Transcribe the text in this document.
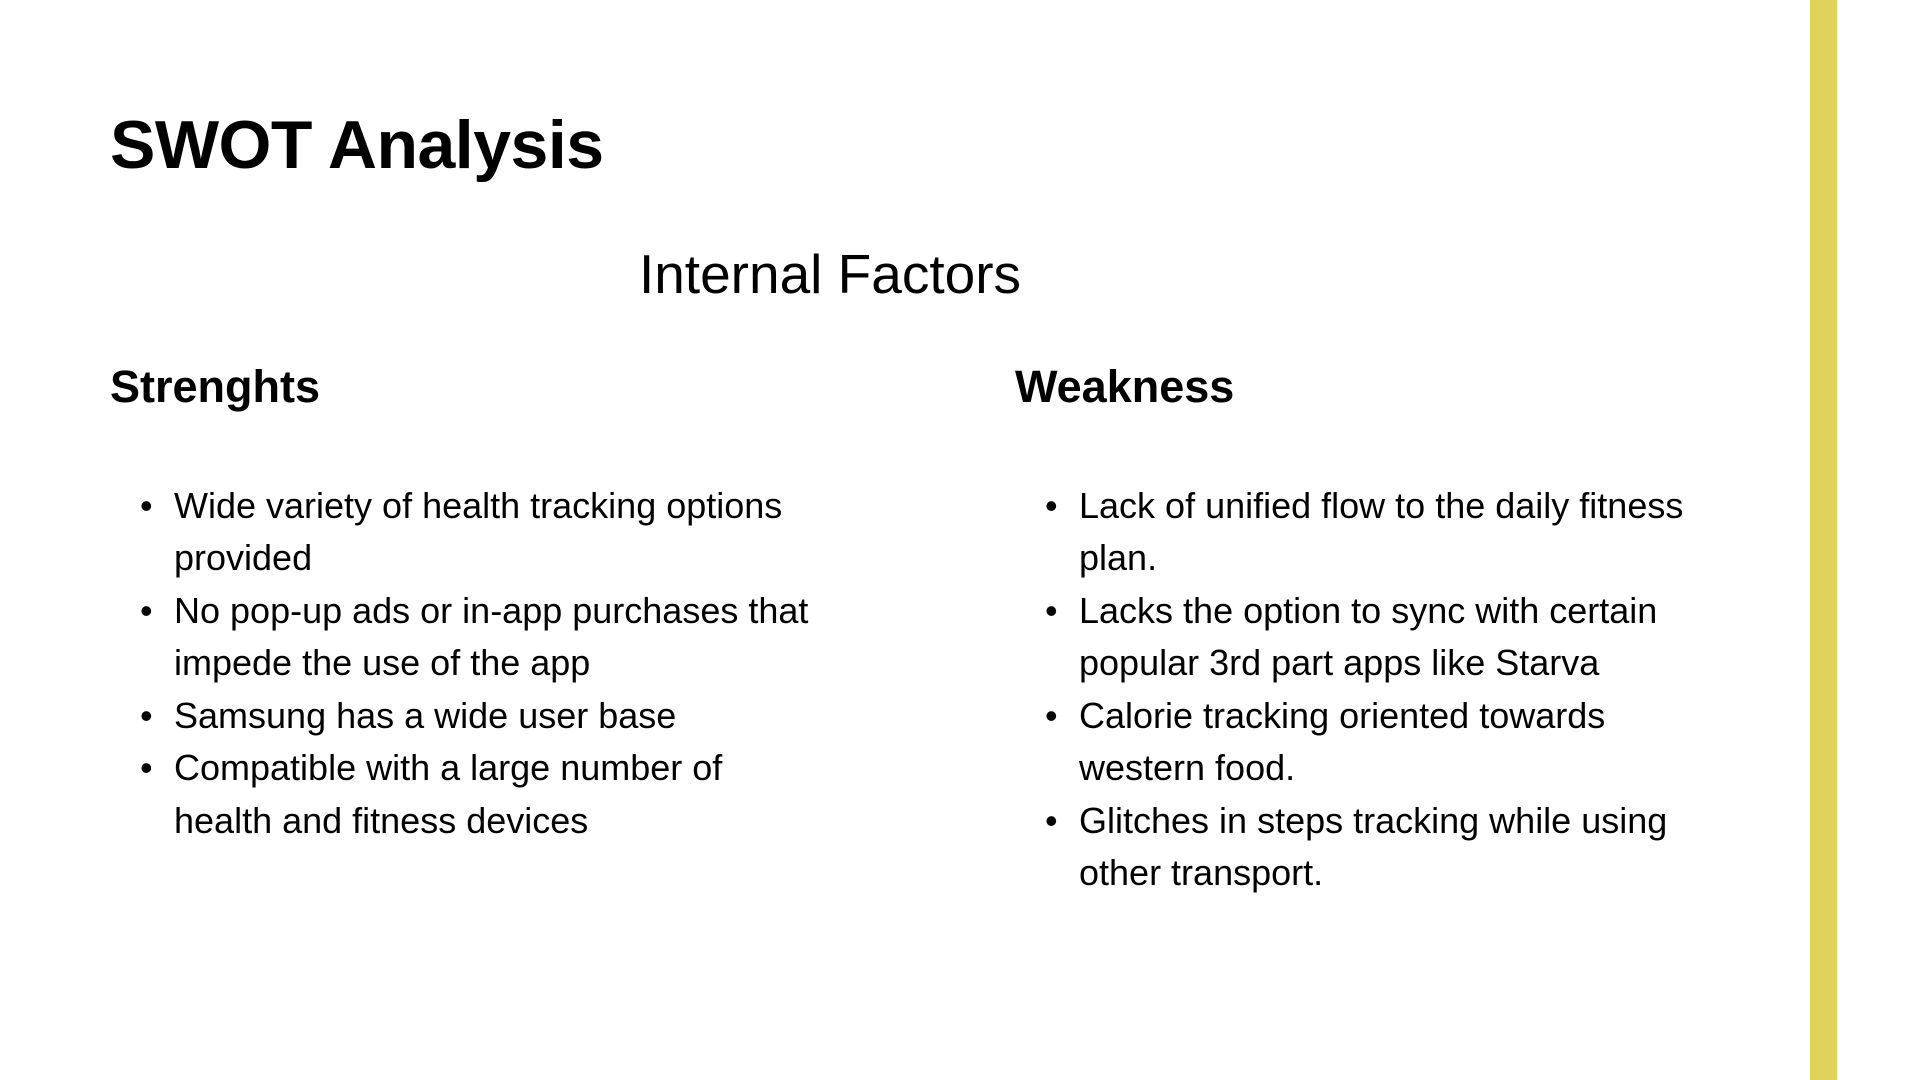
SWOT Analysis
Internal Factors
Strenghts
• Wide variety of health tracking options provided
• No pop-up ads or in-app purchases that impede the use of the app
• Samsung has a wide user base
• Compatible with a large number of health and fitness devices
Weakness
• Lack of unified flow to the daily fitness plan.
• Lacks the option to sync with certain popular 3rd part apps like Starva
• Calorie tracking oriented towards western food.
• Glitches in steps tracking while using other transport.
